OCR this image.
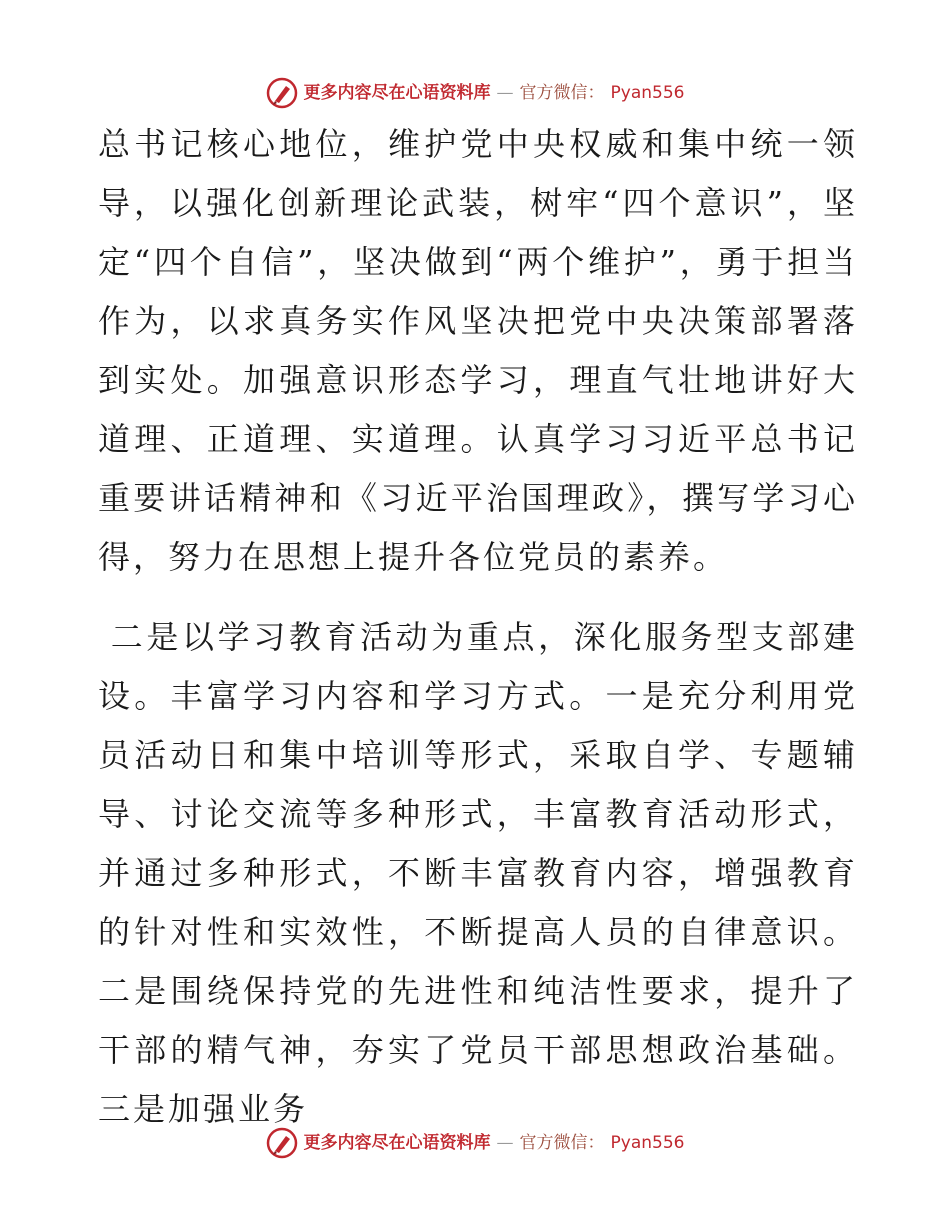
更多内容尽在心语资料库 — 官方微信： Pyan556

总书记核心地位，维护党中央权威和集中统一领导，以强化创新理论武装，树牢“四个意识”，坚定“四个自信”，坚决做到“两个维护”，勇于担当作为，以求真务实作风坚决把党中央决策部署落到实处。加强意识形态学习，理直气壮地讲好大道理、正道理、实道理。认真学习习近平总书记重要讲话精神和《习近平治国理政》，撰写学习心得，努力在思想上提升各位党员的素养。

二是以学习教育活动为重点，深化服务型支部建设。丰富学习内容和学习方式。一是充分利用党员活动日和集中培训等形式，采取自学、专题辅导、讨论交流等多种形式，丰富教育活动形式，并通过多种形式，不断丰富教育内容，增强教育的针对性和实效性，不断提高人员的自律意识。二是围绕保持党的先进性和纯洁性要求，提升了干部的精气神，夯实了党员干部思想政治基础。三是加强业务

更多内容尽在心语资料库 — 官方微信： Pyan556
